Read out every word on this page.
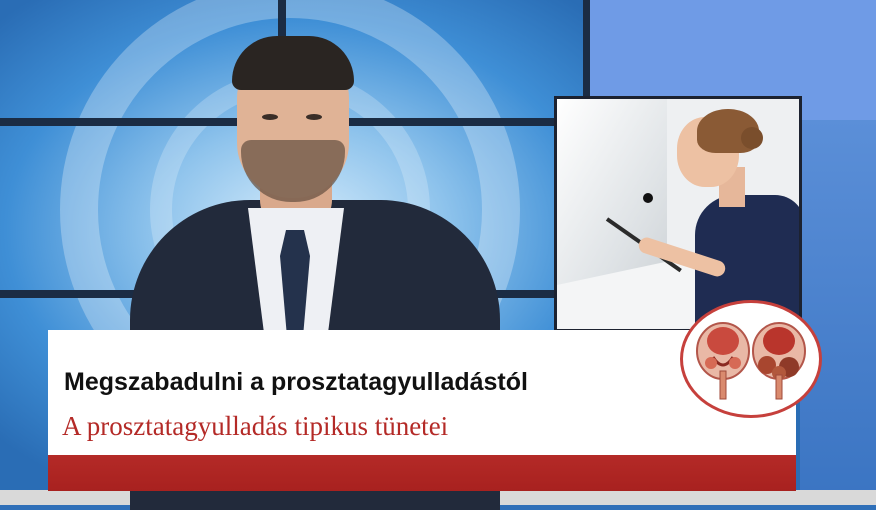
Megszabadulni a prosztatagyulladástól
A prosztatagyulladás tipikus tünetei
